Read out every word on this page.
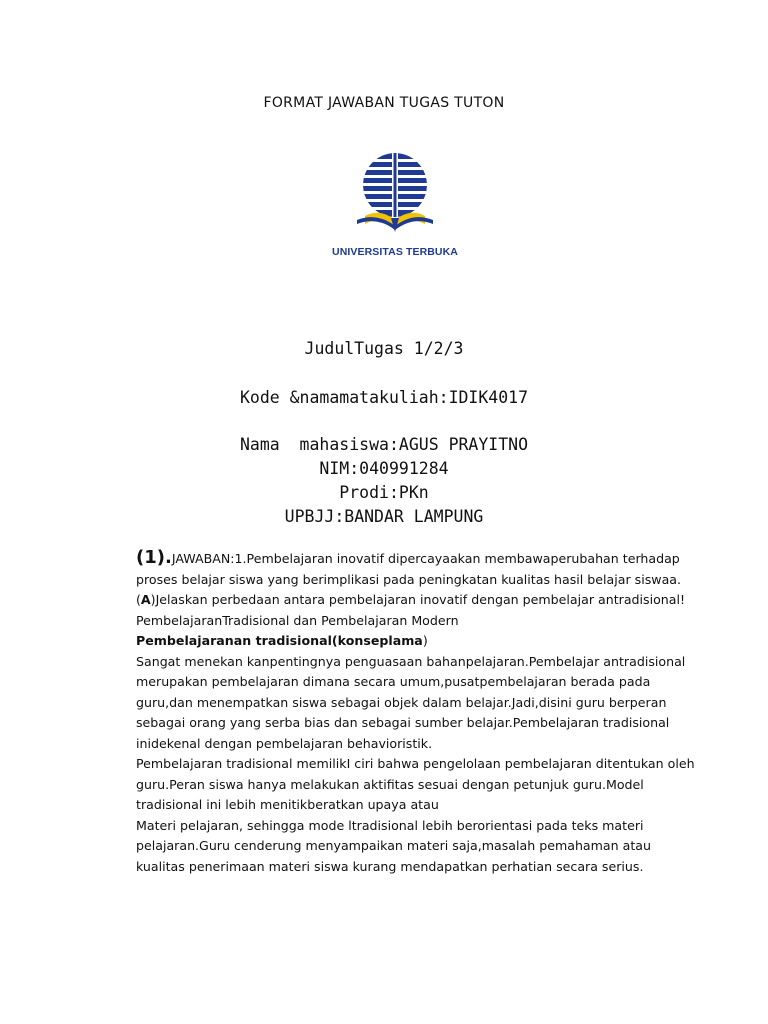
FORMAT JAWABAN TUGAS TUTON
UNIVERSITAS TERBUKA
JudulTugas 1/2/3
Kode &namamatakuliah:IDIK4017
Nama  mahasiswa:AGUS PRAYITNO
NIM:040991284
Prodi:PKn
UPBJJ:BANDAR LAMPUNG

(1).JAWABAN:1.Pembelajaran inovatif dipercayaakan membawaperubahan terhadap

proses belajar siswa yang berimplikasi pada peningkatan kualitas hasil belajar siswaa.

(A)Jelaskan perbedaan antara pembelajaran inovatif dengan pembelajar antradisional!

PembelajaranTradisional dan Pembelajaran Modern

Pembelajaranan tradisional(konseplama)

Sangat menekan kanpentingnya penguasaan bahanpelajaran.Pembelajar antradisional

merupakan pembelajaran dimana secara umum,pusatpembelajaran berada pada

guru,dan menempatkan siswa sebagai objek dalam belajar.Jadi,disini guru berperan

sebagai orang yang serba bias dan sebagai sumber belajar.Pembelajaran tradisional

inidekenal dengan pembelajaran behavioristik.

Pembelajaran tradisional memilikI ciri bahwa pengelolaan pembelajaran ditentukan oleh

guru.Peran siswa hanya melakukan aktifitas sesuai dengan petunjuk guru.Model

tradisional ini lebih menitikberatkan upaya atau

Materi pelajaran, sehingga mode ltradisional lebih berorientasi pada teks materi

pelajaran.Guru cenderung menyampaikan materi saja,masalah pemahaman atau

kualitas penerimaan materi siswa kurang mendapatkan perhatian secara serius.
